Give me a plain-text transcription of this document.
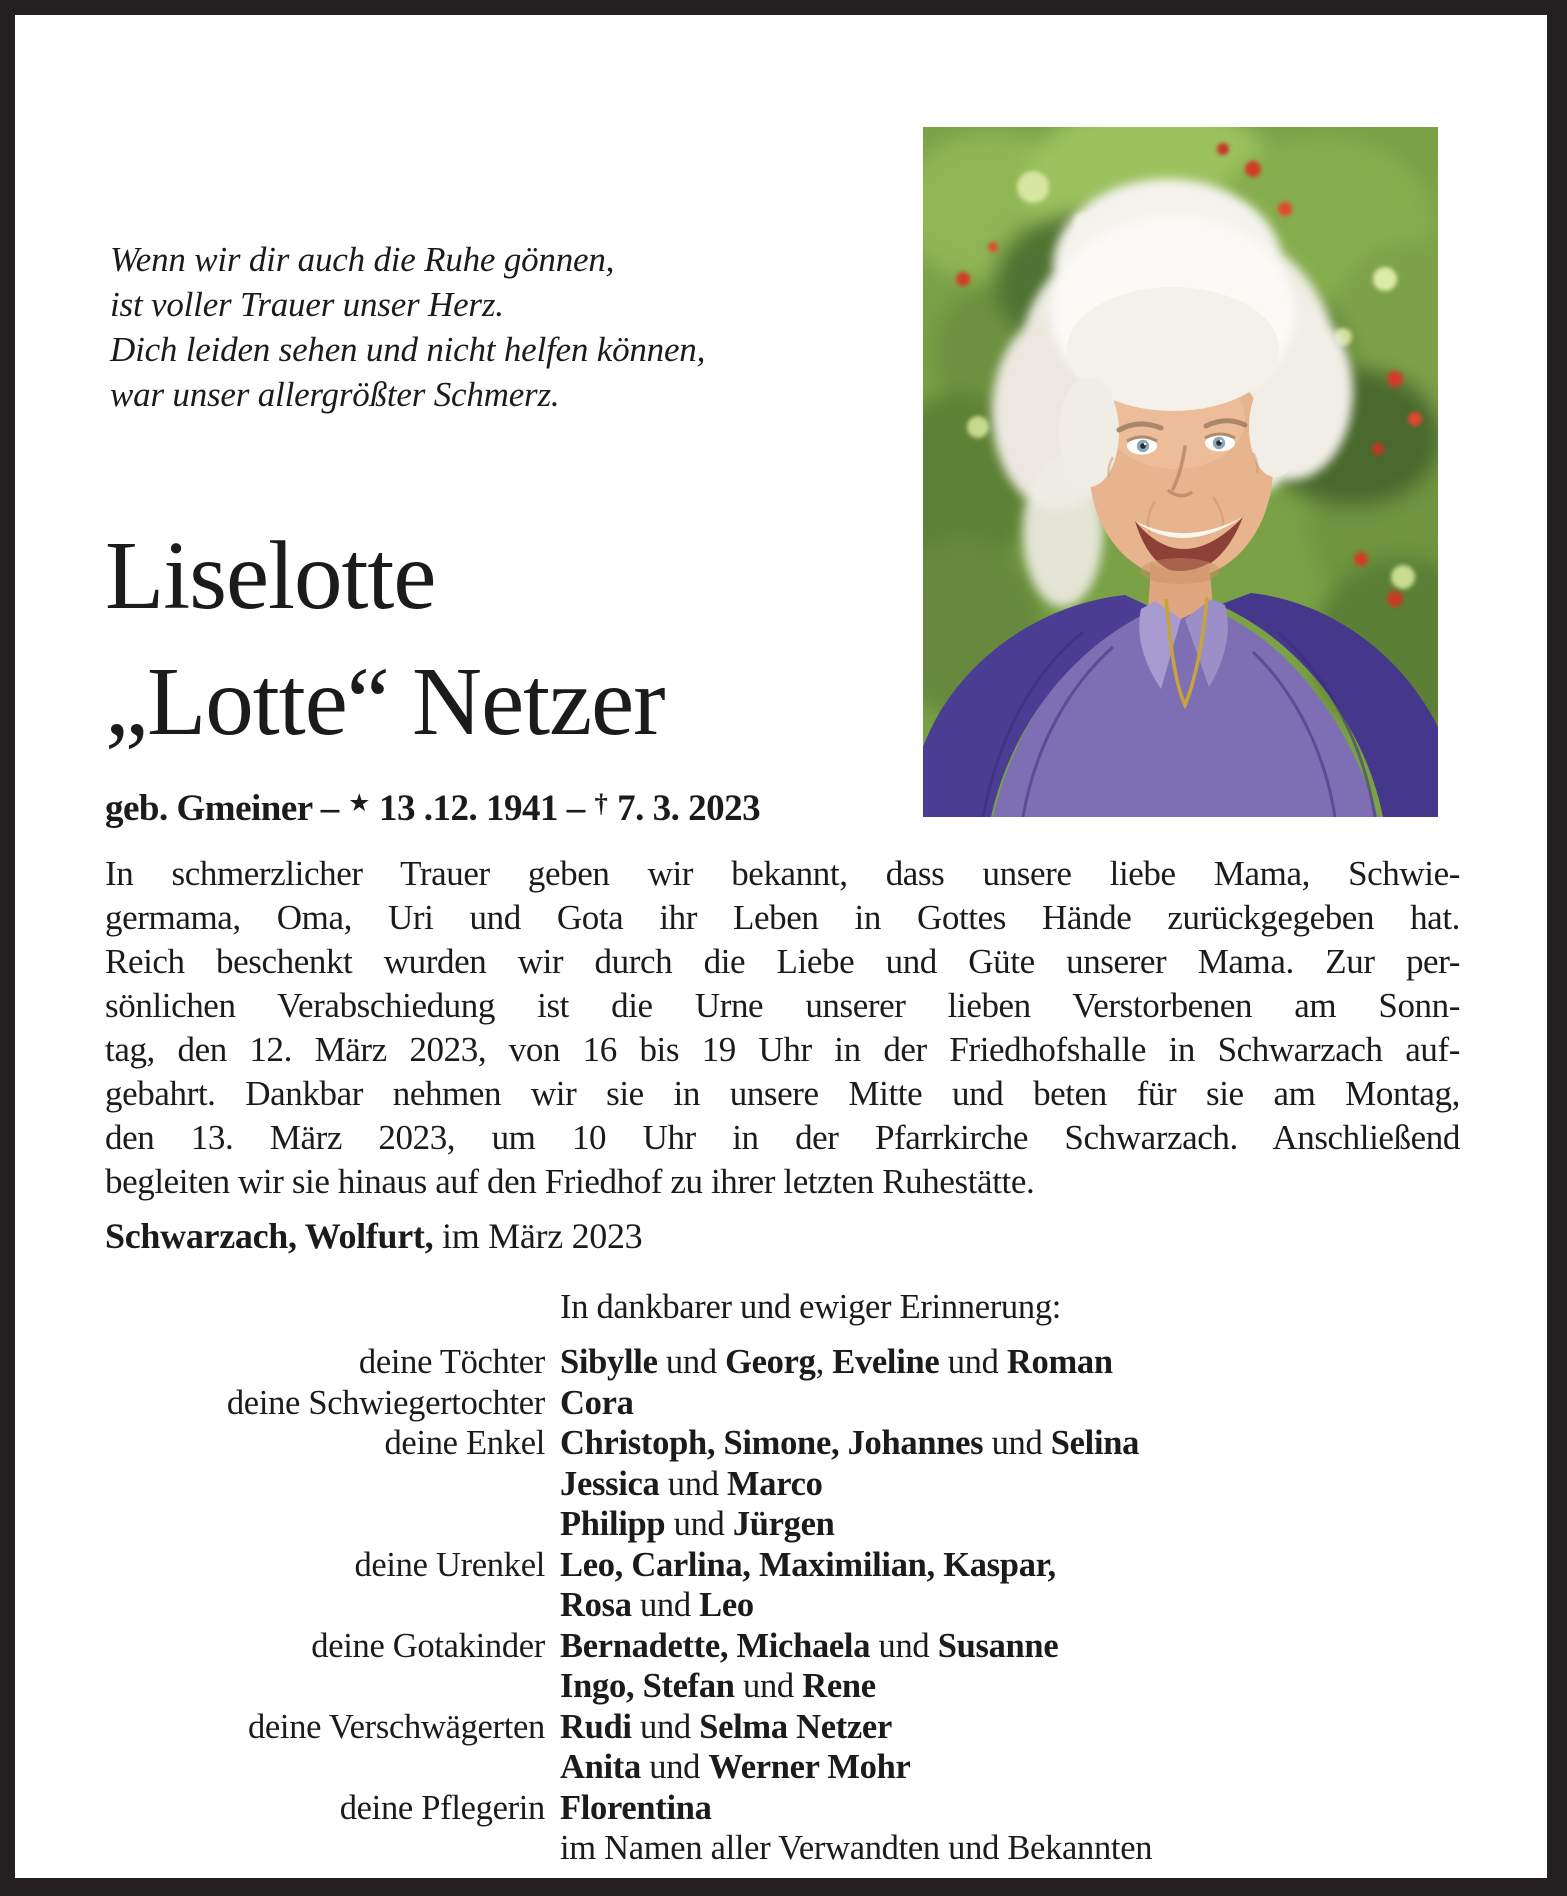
Wenn wir dir auch die Ruhe gönnen,
ist voller Trauer unser Herz.
Dich leiden sehen und nicht helfen können,
war unser allergrößter Schmerz.
Liselotte
„Lotte“ Netzer
geb. Gmeiner – ★ 13 .12. 1941 – † 7. 3. 2023
In schmerzlicher Trauer geben wir bekannt, dass unsere liebe Mama, Schwie-
germama, Oma, Uri und Gota ihr Leben in Gottes Hände zurückgegeben hat.
Reich beschenkt wurden wir durch die Liebe und Güte unserer Mama. Zur per-
sönlichen Verabschiedung ist die Urne unserer lieben Verstorbenen am Sonn-
tag, den 12. März 2023, von 16 bis 19 Uhr in der Friedhofshalle in Schwarzach auf-
gebahrt. Dankbar nehmen wir sie in unsere Mitte und beten für sie am Montag,
den 13. März 2023, um 10 Uhr in der Pfarrkirche Schwarzach. Anschließend
begleiten wir sie hinaus auf den Friedhof zu ihrer letzten Ruhestätte.
Schwarzach, Wolfurt, im März 2023
In dankbarer und ewiger Erinnerung:
deine Töchter Sibylle und Georg, Eveline und Roman
deine Schwiegertochter Cora
deine Enkel Christoph, Simone, Johannes und Selina
Jessica und Marco
Philipp und Jürgen
deine Urenkel Leo, Carlina, Maximilian, Kaspar,
Rosa und Leo
deine Gotakinder Bernadette, Michaela und Susanne
Ingo, Stefan und Rene
deine Verschwägerten Rudi und Selma Netzer
Anita und Werner Mohr
deine Pflegerin Florentina
im Namen aller Verwandten und Bekannten
